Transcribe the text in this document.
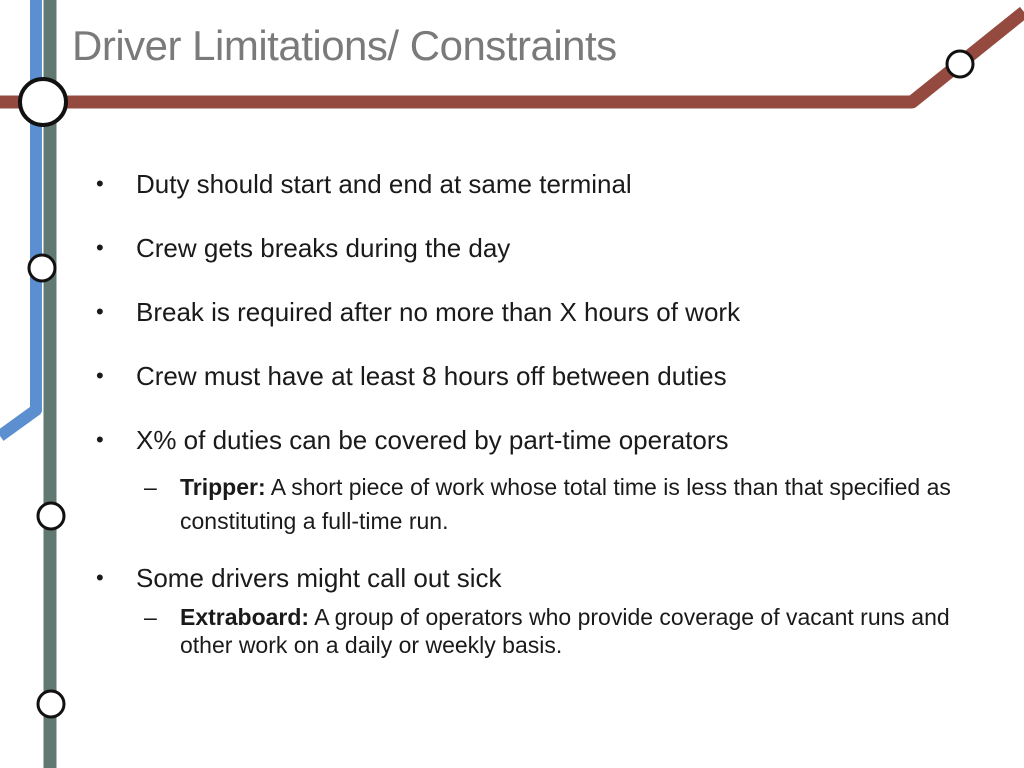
Driver Limitations/ Constraints
• Duty should start and end at same terminal
• Crew gets breaks during the day
• Break is required after no more than X hours of work
• Crew must have at least 8 hours off between duties
• X% of duties can be covered by part-time operators
– Tripper: A short piece of work whose total time is less than that specified as constituting a full-time run.
• Some drivers might call out sick
– Extraboard: A group of operators who provide coverage of vacant runs and other work on a daily or weekly basis.
